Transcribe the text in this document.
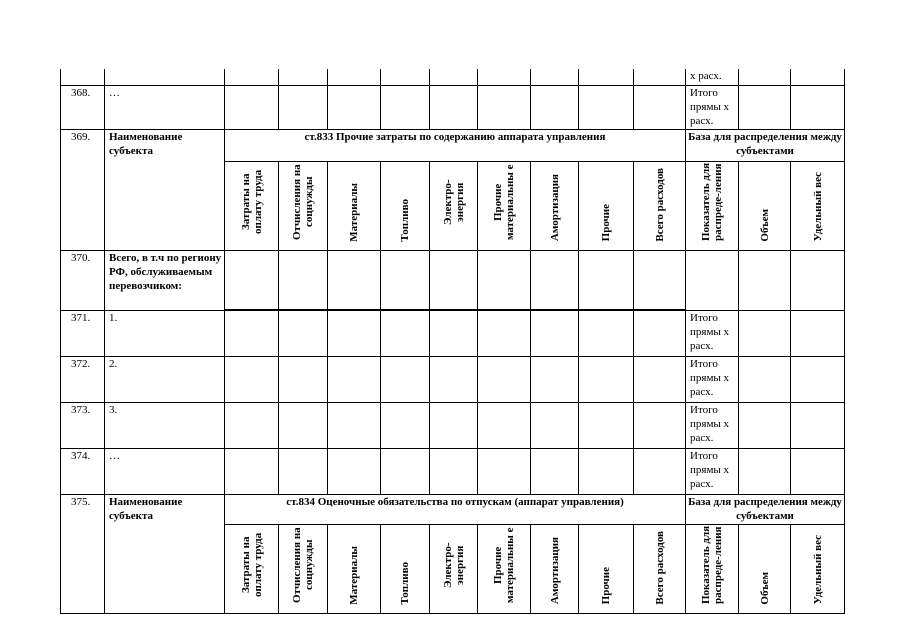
											х расх.		
368.	…										Итого прямы х расх.		
369.	Наименование субъекта	ст.833 Прочие затраты по содержанию аппарата управления									База для распределения между субъектами		
		Затраты на оплату труда	Отчисления на соцнужды	Материалы	Топливо	Электро-энергия	Прочие материальны е	Амортизация	Прочие	Всего расходов	Показатель для распреде-ления	Объем	Удельный вес
370.	Всего, в т.ч по региону РФ, обслуживаемым перевозчиком:												
371.	1.										Итого прямы х расх.		
372.	2.										Итого прямы х расх.		
373.	3.										Итого прямы х расх.		
374.	…										Итого прямы х расх.		
375.	Наименование субъекта	ст.834 Оценочные обязательства по отпускам (аппарат управления)									База для распределения между субъектами		
		Затраты на оплату труда	Отчисления на соцнужды	Материалы	Топливо	Электро-энергия	Прочие материальны е	Амортизация	Прочие	Всего расходов	Показатель для распреде-ления	Объем	Удельный вес
